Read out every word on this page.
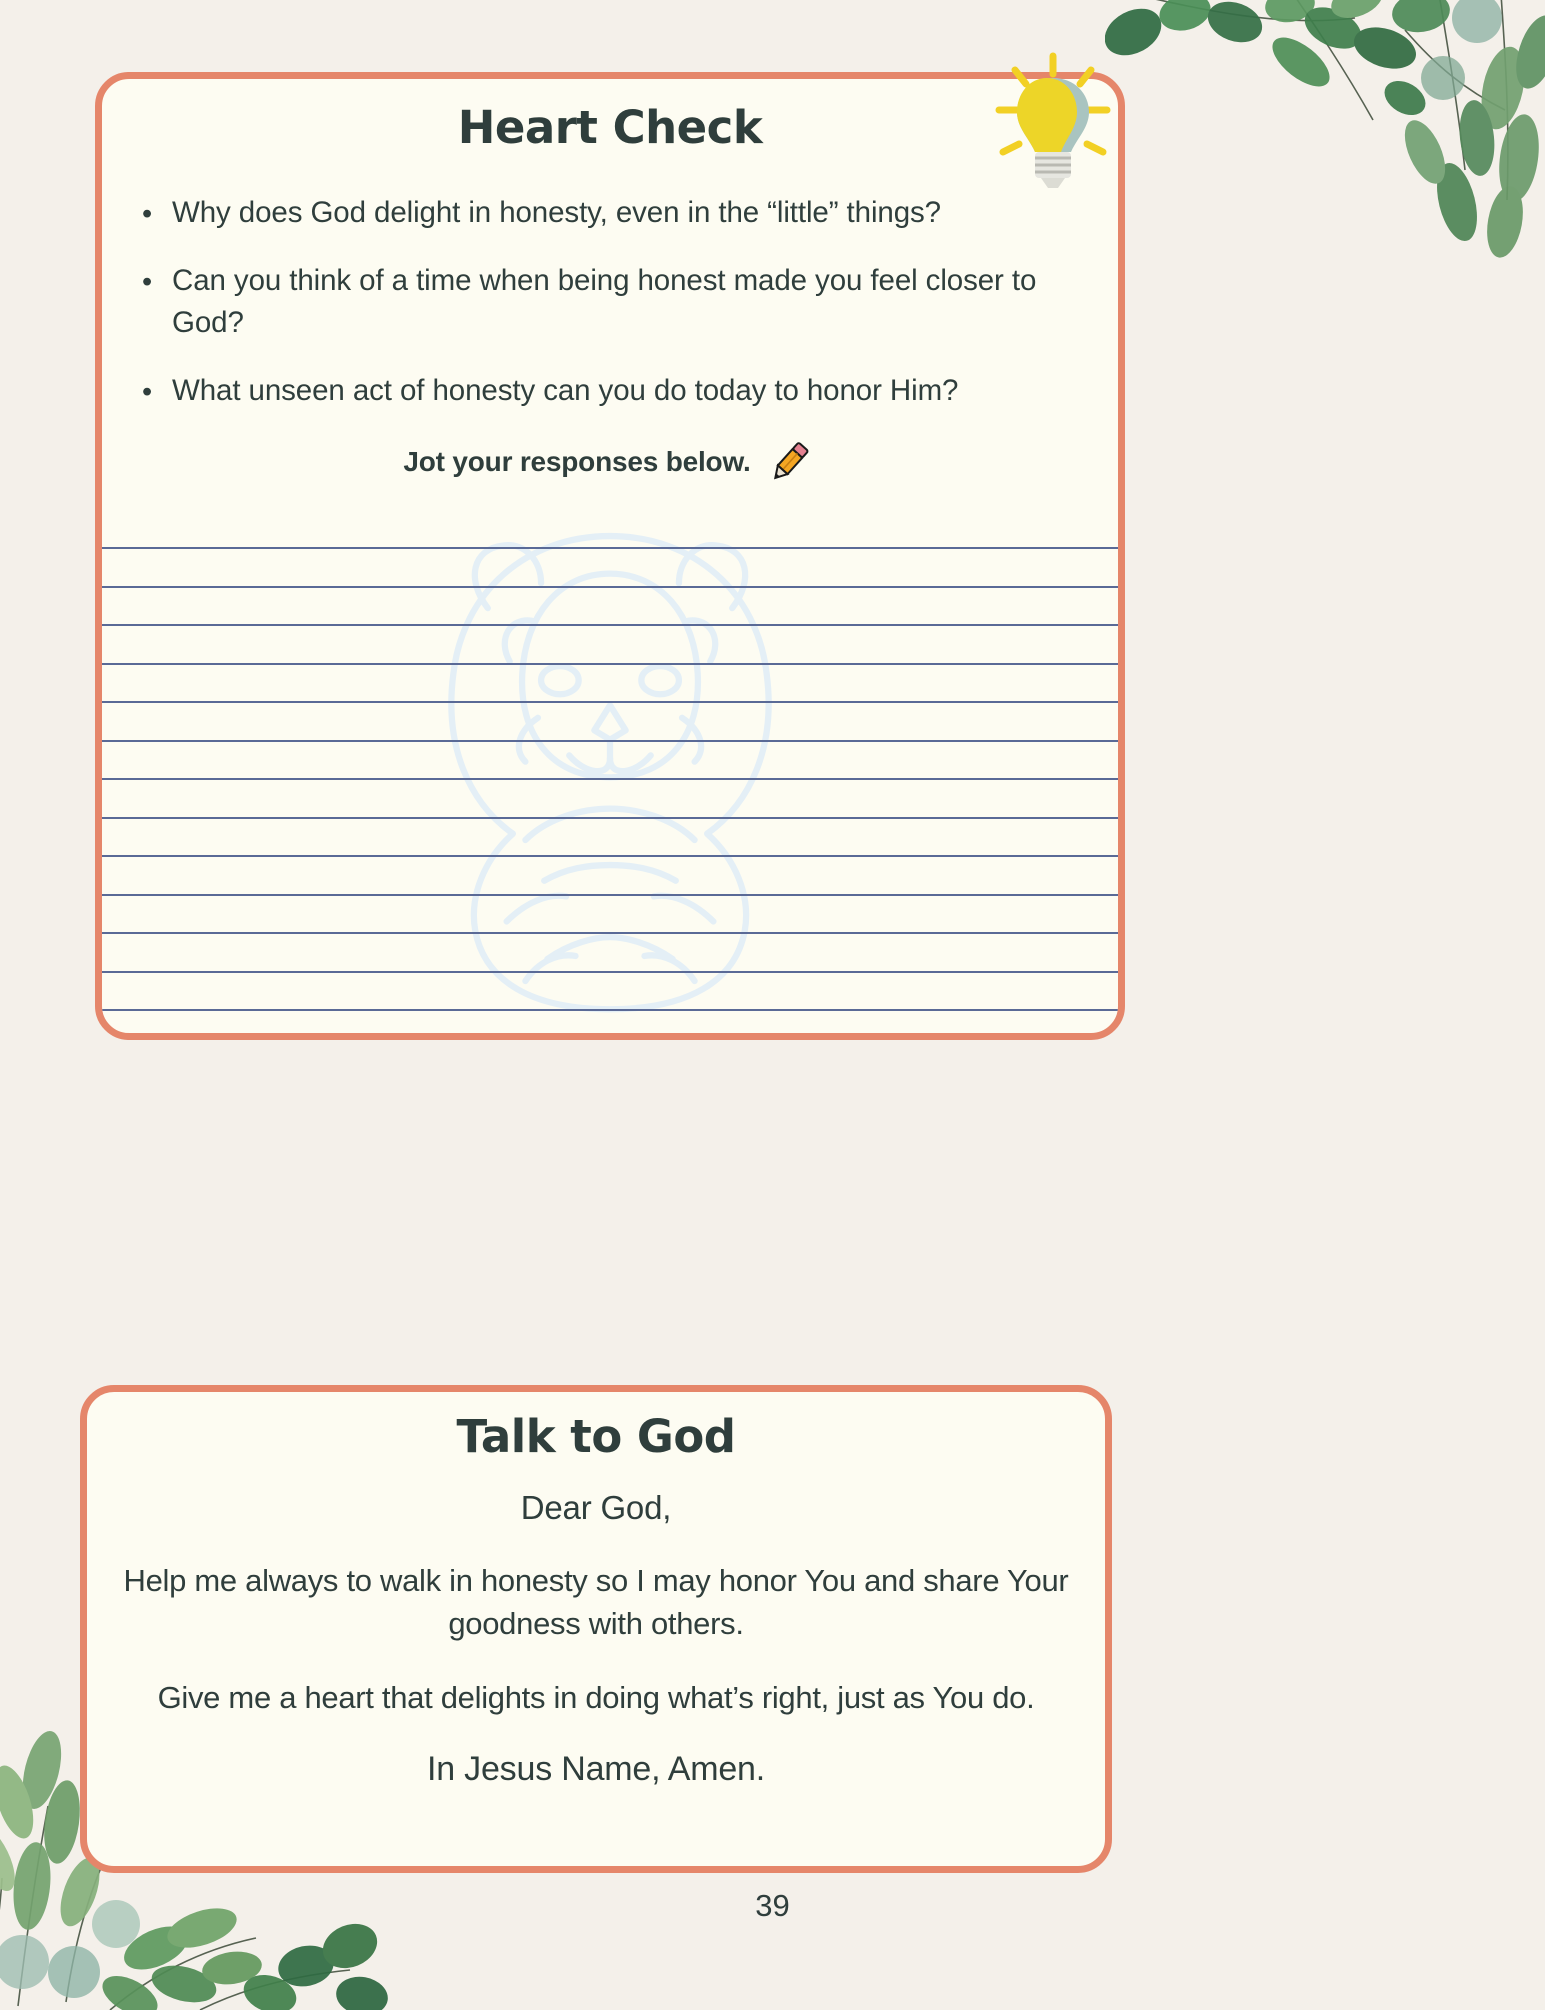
Heart Check
• Why does God delight in honesty, even in the “little” things?
• Can you think of a time when being honest made you feel closer to God?
• What unseen act of honesty can you do today to honor Him?
Jot your responses below.
Talk to God

Dear God,

Help me always to walk in honesty so I may honor You and share Your goodness with others.

Give me a heart that delights in doing what’s right, just as You do.

In Jesus Name, Amen.

39
